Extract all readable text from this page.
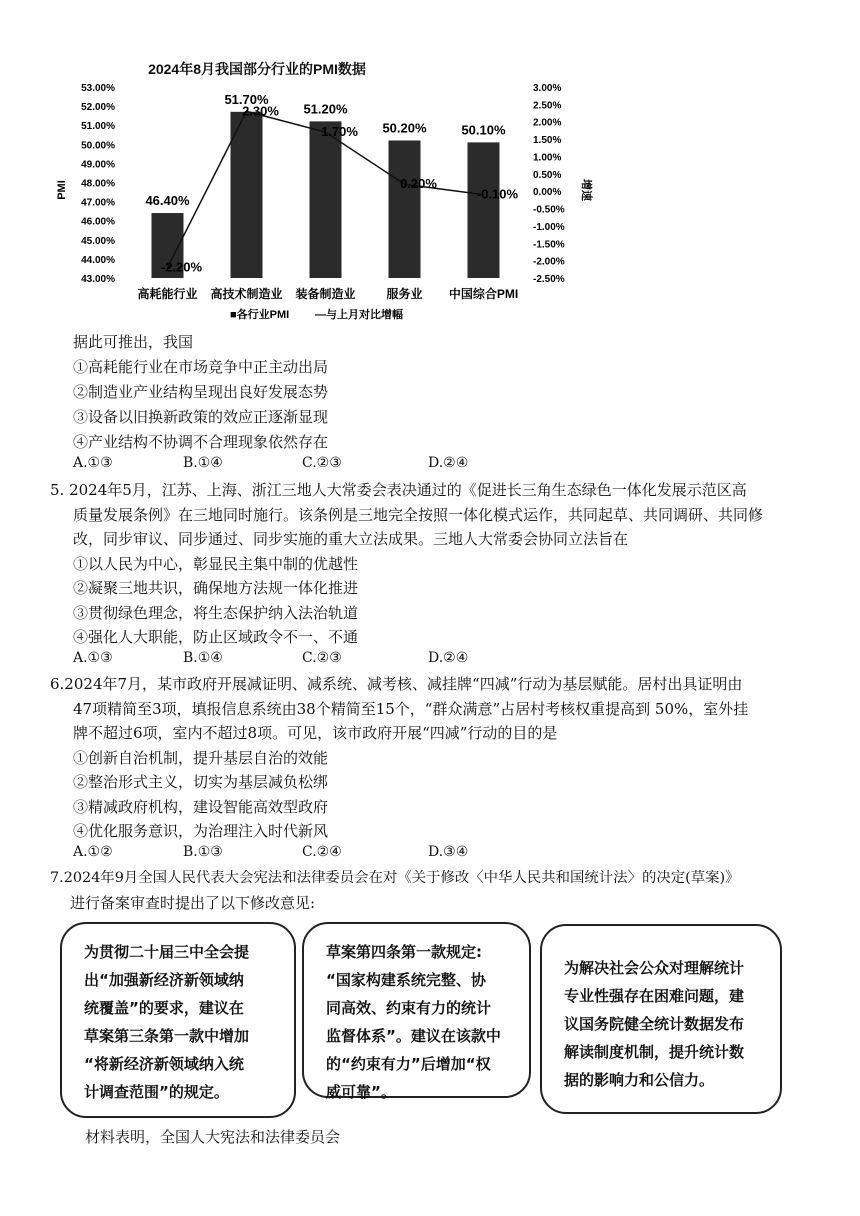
2024年8月我国部分行业的PMI数据
53.00%
52.00%
51.00%
50.00%
49.00%
48.00%
47.00%
46.00%
45.00%
44.00%
43.00%
3.00%
2.50%
2.00%
1.50%
1.00%
0.50%
0.00%
-0.50%
-1.00%
-1.50%
-2.00%
-2.50%
PMI	增速
46.40%
51.70%
51.20%
50.20%	50.10%
-2.20%
2.30%
1.70%
0.20%
-0.10%
高耗能行业 高技术制造业 装备制造业	服务业 中国综合PMI
■各行业PMI —与上月对比增幅
据此可推出，我国
①高耗能行业在市场竞争中正主动出局
②制造业产业结构呈现出良好发展态势
③设备以旧换新政策的效应正逐渐显现
④产业结构不协调不合理现象依然存在
A.①③	B.①④	C.②③	D.②④
5. 2024年5月，江苏、上海、浙江三地人大常委会表决通过的《促进长三角生态绿色一体化发展示范区高
质量发展条例》在三地同时施行。该条例是三地完全按照一体化模式运作，共同起草、共同调研、共同修
改，同步审议、同步通过、同步实施的重大立法成果。三地人大常委会协同立法旨在
①以人民为中心，彰显民主集中制的优越性
②凝聚三地共识，确保地方法规一体化推进
③贯彻绿色理念，将生态保护纳入法治轨道
④强化人大职能，防止区域政令不一、不通
A.①③	B.①④	C.②③	D.②④
6.2024年7月，某市政府开展减证明、减系统、减考核、减挂牌“四减”行动为基层赋能。居村出具证明由
47项精简至3项，填报信息系统由38个精简至15个，“群众满意”占居村考核权重提高到 50%，室外挂
牌不超过6项，室内不超过8项。可见，该市政府开展“四减”行动的目的是
①创新自治机制，提升基层自治的效能
②整治形式主义，切实为基层减负松绑
③精减政府机构，建设智能高效型政府
④优化服务意识，为治理注入时代新风
A.①②	B.①③	C.②④	D.③④
7.2024年9月全国人民代表大会宪法和法律委员会在对《关于修改〈中华人民共和国统计法〉的决定(草案)》
进行备案审查时提出了以下修改意见:
为贯彻二十届三中全会提
出“加强新经济新领域纳
统覆盖”的要求，建议在
草案第三条第一款中增加
“将新经济新领域纳入统
计调查范围”的规定。
草案第四条第一款规定:
“国家构建系统完整、协
同高效、约束有力的统计
监督体系”。建议在该款中
的“约束有力”后增加“权
威可靠”。
为解决社会公众对理解统计
专业性强存在困难问题，建
议国务院健全统计数据发布
解读制度机制，提升统计数
据的影响力和公信力。
材料表明，全国人大宪法和法律委员会
